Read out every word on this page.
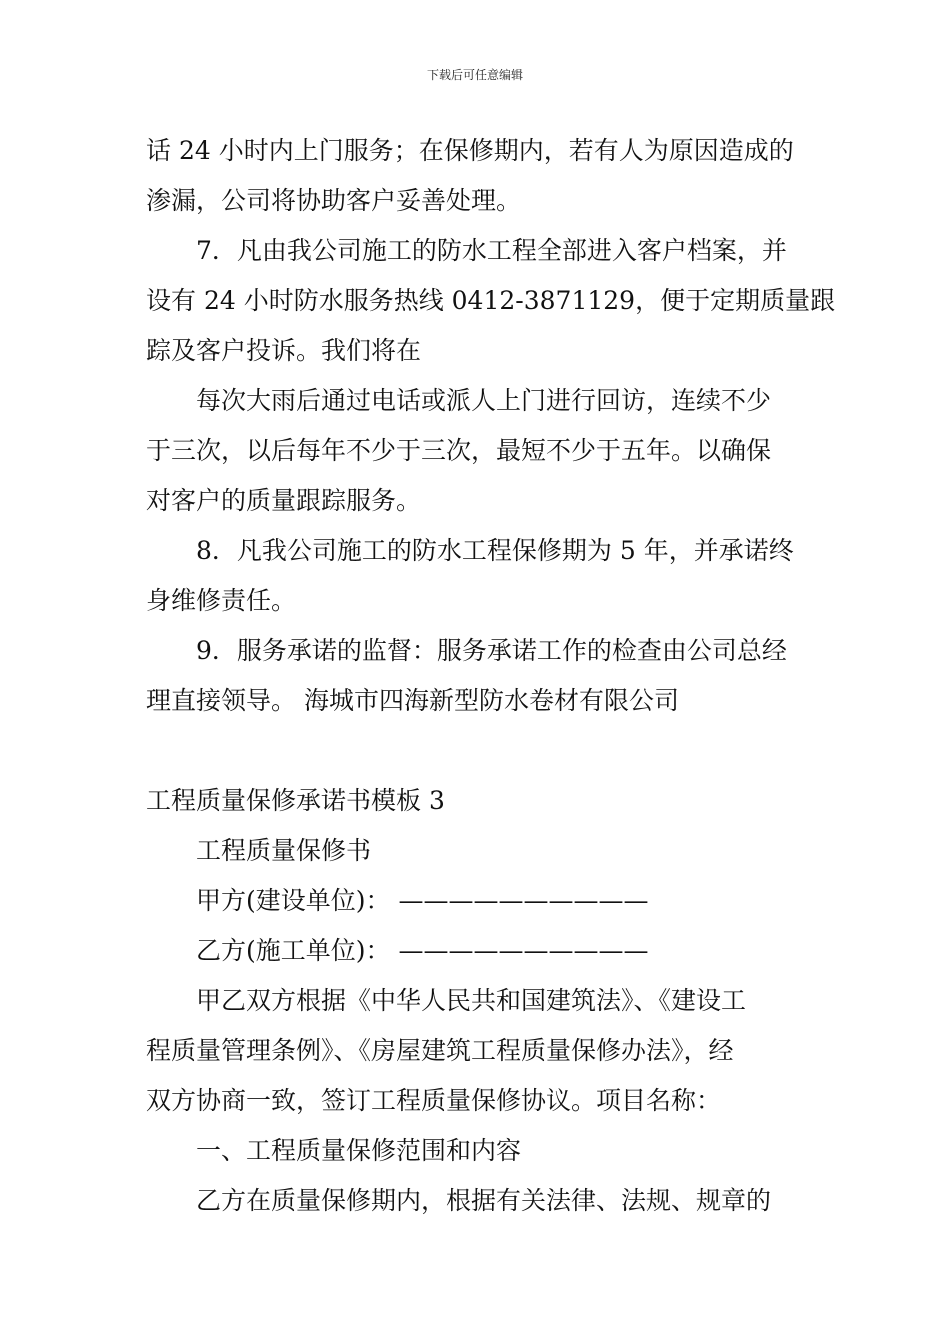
下载后可任意编辑

话 24 小时内上门服务；在保修期内，若有人为原因造成的

渗漏，公司将协助客户妥善处理。

7．凡由我公司施工的防水工程全部进入客户档案，并

设有 24 小时防水服务热线 0412-3871129，便于定期质量跟

踪及客户投诉。我们将在

每次大雨后通过电话或派人上门进行回访，连续不少

于三次，以后每年不少于三次，最短不少于五年。以确保

对客户的质量跟踪服务。

8．凡我公司施工的防水工程保修期为 5 年，并承诺终

身维修责任。

9．服务承诺的监督：服务承诺工作的检查由公司总经

理直接领导。 海城市四海新型防水卷材有限公司

工程质量保修承诺书模板 3

工程质量保修书

甲方(建设单位)： ——————————

乙方(施工单位)： ——————————

甲乙双方根据《中华人民共和国建筑法》、《建设工

程质量管理条例》、《房屋建筑工程质量保修办法》，经

双方协商一致，签订工程质量保修协议。项目名称：

一、工程质量保修范围和内容

乙方在质量保修期内，根据有关法律、法规、规章的
